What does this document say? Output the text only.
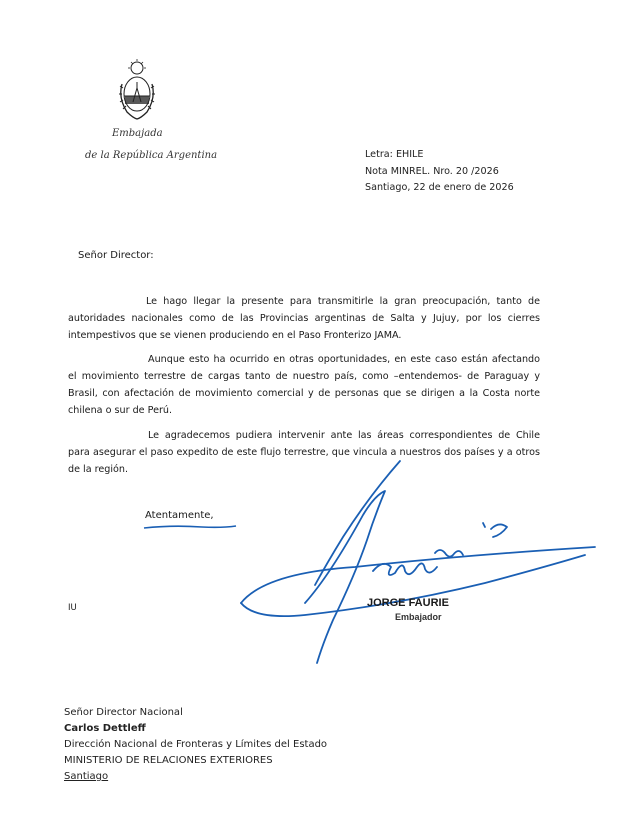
Embajada
de la República Argentina	Letra: EHILE
Nota MINREL. Nro. 20 /2026
Santiago, 22 de enero de 2026
Señor Director:
Le hago llegar la presente para transmitirle la gran preocupación, tanto de autoridades nacionales como de las Provincias argentinas de Salta y Jujuy, por los cierres intempestivos que se vienen produciendo en el Paso Fronterizo JAMA.
Aunque esto ha ocurrido en otras oportunidades, en este caso están afectando el movimiento terrestre de cargas tanto de nuestro país, como –entendemos- de Paraguay y Brasil, con afectación de movimiento comercial y de personas que se dirigen a la Costa norte chilena o sur de Perú.
Le agradecemos pudiera intervenir ante las áreas correspondientes de Chile para asegurar el paso expedito de este flujo terrestre, que vincula a nuestros dos países y a otros de la región.
Atentamente,
IU	JORGE FAURIE
Embajador
Señor Director Nacional
Carlos Dettleff
Dirección Nacional de Fronteras y Límites del Estado
MINISTERIO DE RELACIONES EXTERIORES
Santiago
